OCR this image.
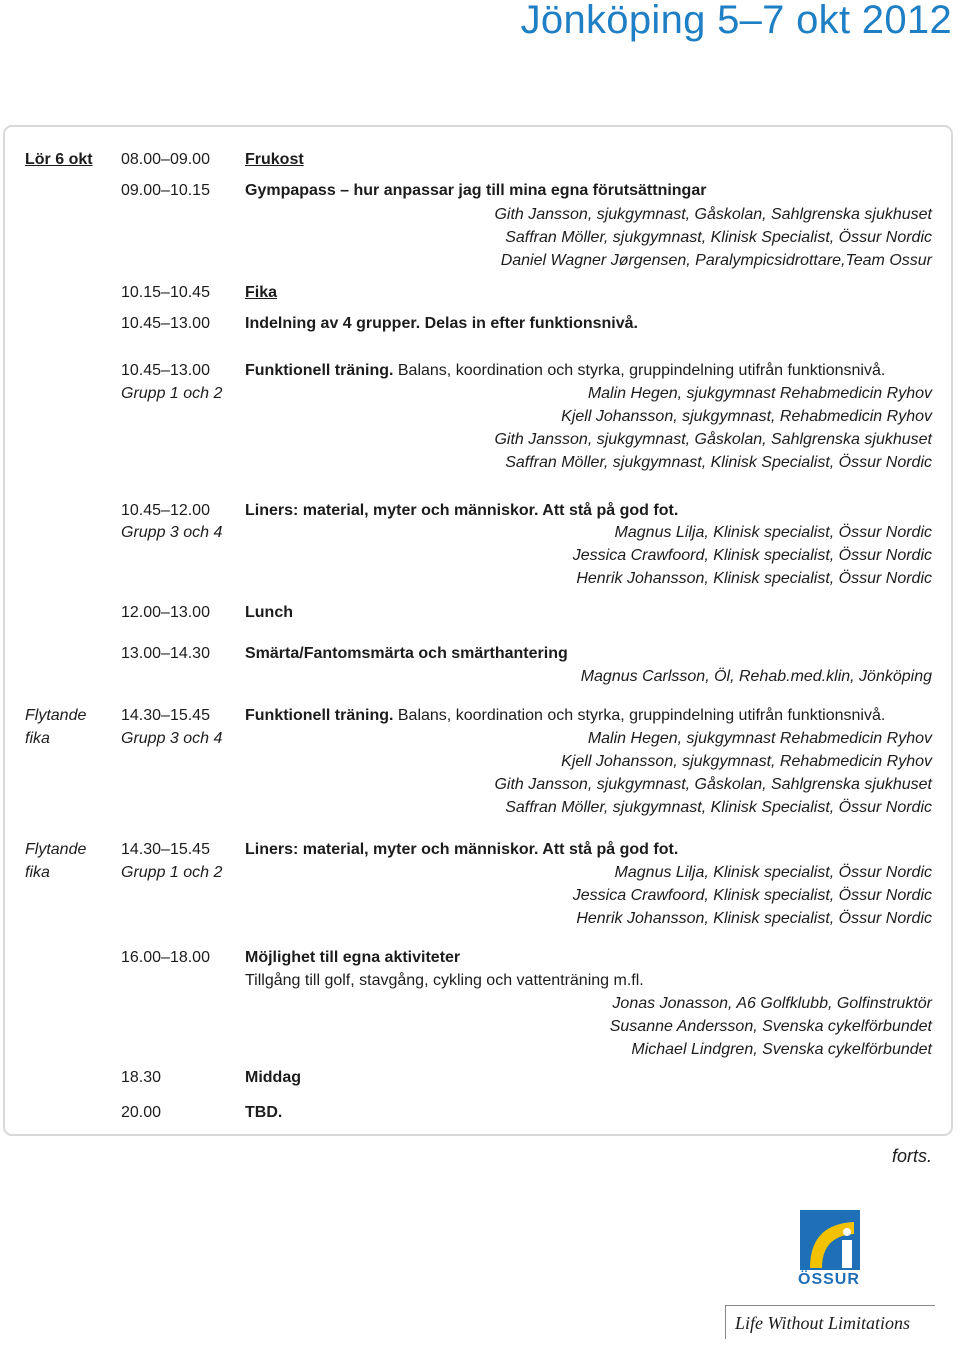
Jönköping 5–7 okt 2012
Lör 6 okt 08.00–09.00 Frukost
09.00–10.15 Gympapass – hur anpassar jag till mina egna förutsättningar
Gith Jansson, sjukgymnast, Gåskolan, Sahlgrenska sjukhuset
Saffran Möller, sjukgymnast, Klinisk Specialist, Össur Nordic
Daniel Wagner Jørgensen, Paralympicsidrottare,Team Ossur
10.15–10.45 Fika
10.45–13.00 Indelning av 4 grupper. Delas in efter funktionsnivå.
10.45–13.00
Grupp 1 och 2
Funktionell träning. Balans, koordination och styrka, gruppindelning utifrån funktionsnivå.
Malin Hegen, sjukgymnast Rehabmedicin Ryhov
Kjell Johansson, sjukgymnast, Rehabmedicin Ryhov
Gith Jansson, sjukgymnast, Gåskolan, Sahlgrenska sjukhuset
Saffran Möller, sjukgymnast, Klinisk Specialist, Össur Nordic
10.45–12.00
Grupp 3 och 4
Liners: material, myter och människor. Att stå på god fot.
Magnus Lilja, Klinisk specialist, Össur Nordic
Jessica Crawfoord, Klinisk specialist, Össur Nordic
Henrik Johansson, Klinisk specialist, Össur Nordic
12.00–13.00 Lunch
13.00–14.30 Smärta/Fantomsmärta och smärthantering
Magnus Carlsson, Öl, Rehab.med.klin, Jönköping
Flytande
fika
14.30–15.45
Grupp 3 och 4
Funktionell träning. Balans, koordination och styrka, gruppindelning utifrån funktionsnivå.
Malin Hegen, sjukgymnast Rehabmedicin Ryhov
Kjell Johansson, sjukgymnast, Rehabmedicin Ryhov
Gith Jansson, sjukgymnast, Gåskolan, Sahlgrenska sjukhuset
Saffran Möller, sjukgymnast, Klinisk Specialist, Össur Nordic
Flytande
fika
14.30–15.45
Grupp 1 och 2
Liners: material, myter och människor. Att stå på god fot.
Magnus Lilja, Klinisk specialist, Össur Nordic
Jessica Crawfoord, Klinisk specialist, Össur Nordic
Henrik Johansson, Klinisk specialist, Össur Nordic
16.00–18.00 Möjlighet till egna aktiviteter
Tillgång till golf, stavgång, cykling och vattenträning m.fl.
Jonas Jonasson, A6 Golfklubb, Golfinstruktör
Susanne Andersson, Svenska cykelförbundet
Michael Lindgren, Svenska cykelförbundet
18.30	Middag
20.00	TBD.
forts.
ÖSSUR
Life Without Limitations
